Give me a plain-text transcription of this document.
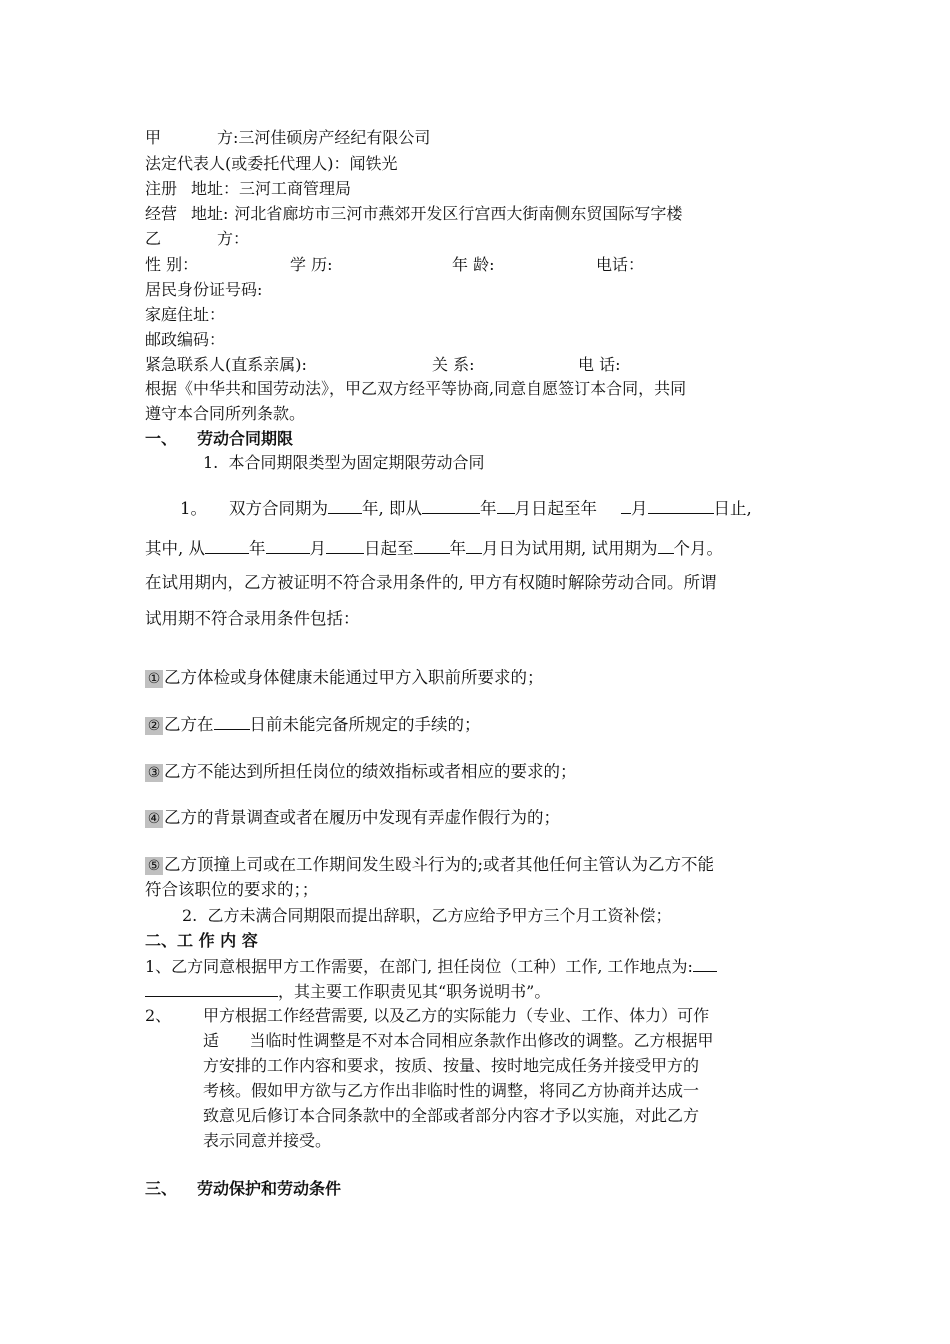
甲	方:三河佳硕房产经纪有限公司
法定代表人(或委托代理人)：闻铁光
注册 地址：三河工商管理局
经营 地址: 河北省廊坊市三河市燕郊开发区行宫西大街南侧东贸国际写字楼
乙	方：
性 别：	学 历:	年 龄:	电话：
居民身份证号码:
家庭住址：
邮政编码：
紧急联系人(直系亲属):	关 系:	电 话:
根据《中华共和国劳动法》，甲乙双方经平等协商,同意自愿签订本合同，共同
遵守本合同所列条款。
一、 劳动合同期限
1.  本合同期限类型为固定期限劳动合同
1。 双方合同期为 年, 即从	年 月日起至年 月	日止,
其中, 从	年	月 日起至 年 月日为试用期, 试用期为 个月。
在试用期内，乙方被证明不符合录用条件的, 甲方有权随时解除劳动合同。所谓
试用期不符合录用条件包括：
① 乙方体检或身体健康未能通过甲方入职前所要求的；
② 乙方在 日前未能完备所规定的手续的；
③ 乙方不能达到所担任岗位的绩效指标或者相应的要求的；
④ 乙方的背景调查或者在履历中发现有弄虚作假行为的；
⑤ 乙方顶撞上司或在工作期间发生殴斗行为的;或者其他任何主管认为乙方不能
符合该职位的要求的；；
2.  乙方未满合同期限而提出辞职，乙方应给予甲方三个月工资补偿；
二、工 作 内 容
1、乙方同意根据甲方工作需要，在部门, 担任岗位（工种）工作, 工作地点为:
，其主要工作职责见其“职务说明书”。
2、 甲方根据工作经营需要, 以及乙方的实际能力（专业、工作、体力）可作
适      当临时性调整是不对本合同相应条款作出修改的调整。乙方根据甲
方安排的工作内容和要求，按质、按量、按时地完成任务并接受甲方的
考核。假如甲方欲与乙方作出非临时性的调整，将同乙方协商并达成一
致意见后修订本合同条款中的全部或者部分内容才予以实施，对此乙方
表示同意并接受。
三、 劳动保护和劳动条件
